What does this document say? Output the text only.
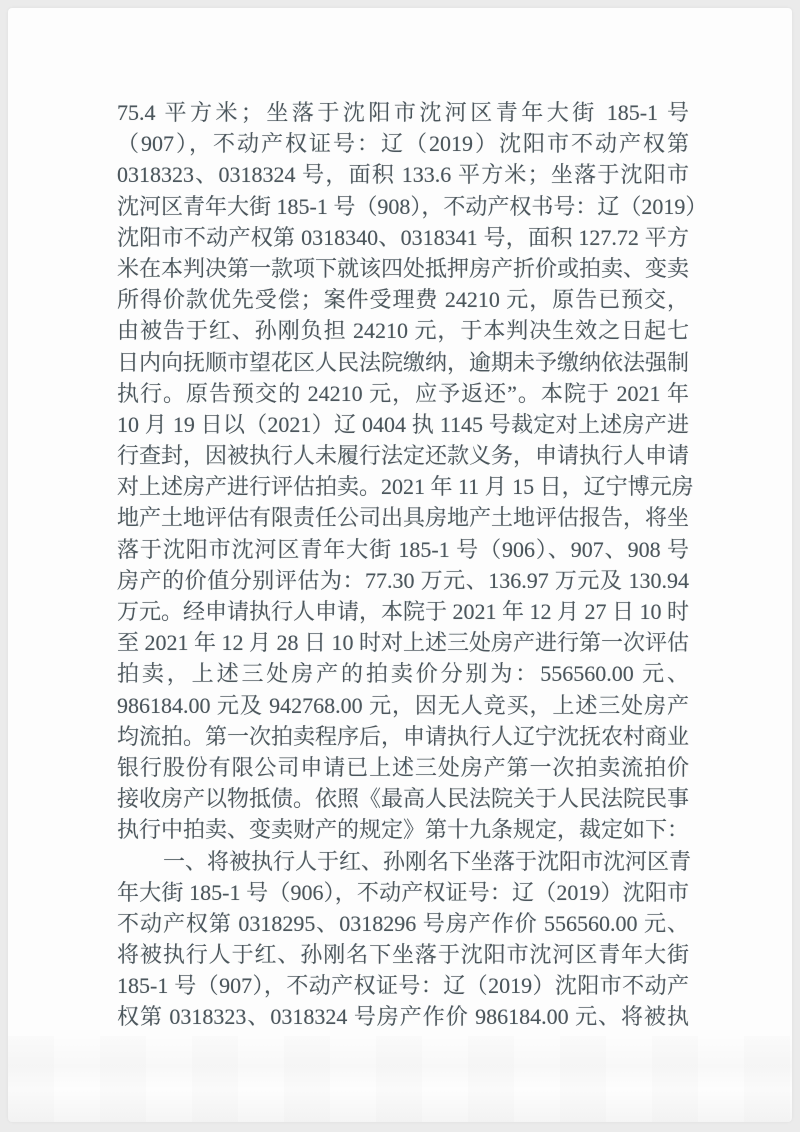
75.4 平方米；坐落于沈阳市沈河区青年大街 185-1 号
（907），不动产权证号：辽（2019）沈阳市不动产权第
0318323、0318324 号，面积 133.6 平方米；坐落于沈阳市
沈河区青年大街 185-1 号（908），不动产权书号：辽（2019）
沈阳市不动产权第 0318340、0318341 号，面积 127.72 平方
米在本判决第一款项下就该四处抵押房产折价或拍卖、变卖
所得价款优先受偿；案件受理费 24210 元，原告已预交，
由被告于红、孙刚负担 24210 元，于本判决生效之日起七
日内向抚顺市望花区人民法院缴纳，逾期未予缴纳依法强制
执行。原告预交的 24210 元，应予返还”。本院于 2021 年
10 月 19 日以（2021）辽 0404 执 1145 号裁定对上述房产进
行查封，因被执行人未履行法定还款义务，申请执行人申请
对上述房产进行评估拍卖。2021 年 11 月 15 日，辽宁博元房
地产土地评估有限责任公司出具房地产土地评估报告，将坐
落于沈阳市沈河区青年大街 185-1 号（906）、907、908 号
房产的价值分别评估为：77.30 万元、136.97 万元及 130.94
万元。经申请执行人申请，本院于 2021 年 12 月 27 日 10 时
至 2021 年 12 月 28 日 10 时对上述三处房产进行第一次评估
拍卖，上述三处房产的拍卖价分别为：556560.00 元、
986184.00 元及 942768.00 元，因无人竞买，上述三处房产
均流拍。第一次拍卖程序后，申请执行人辽宁沈抚农村商业
银行股份有限公司申请已上述三处房产第一次拍卖流拍价
接收房产以物抵债。依照《最高人民法院关于人民法院民事
执行中拍卖、变卖财产的规定》第十九条规定，裁定如下：
一、将被执行人于红、孙刚名下坐落于沈阳市沈河区青
年大街 185-1 号（906），不动产权证号：辽（2019）沈阳市
不动产权第 0318295、0318296 号房产作价 556560.00 元、
将被执行人于红、孙刚名下坐落于沈阳市沈河区青年大街
185-1 号（907），不动产权证号：辽（2019）沈阳市不动产
权第 0318323、0318324 号房产作价 986184.00 元、将被执
